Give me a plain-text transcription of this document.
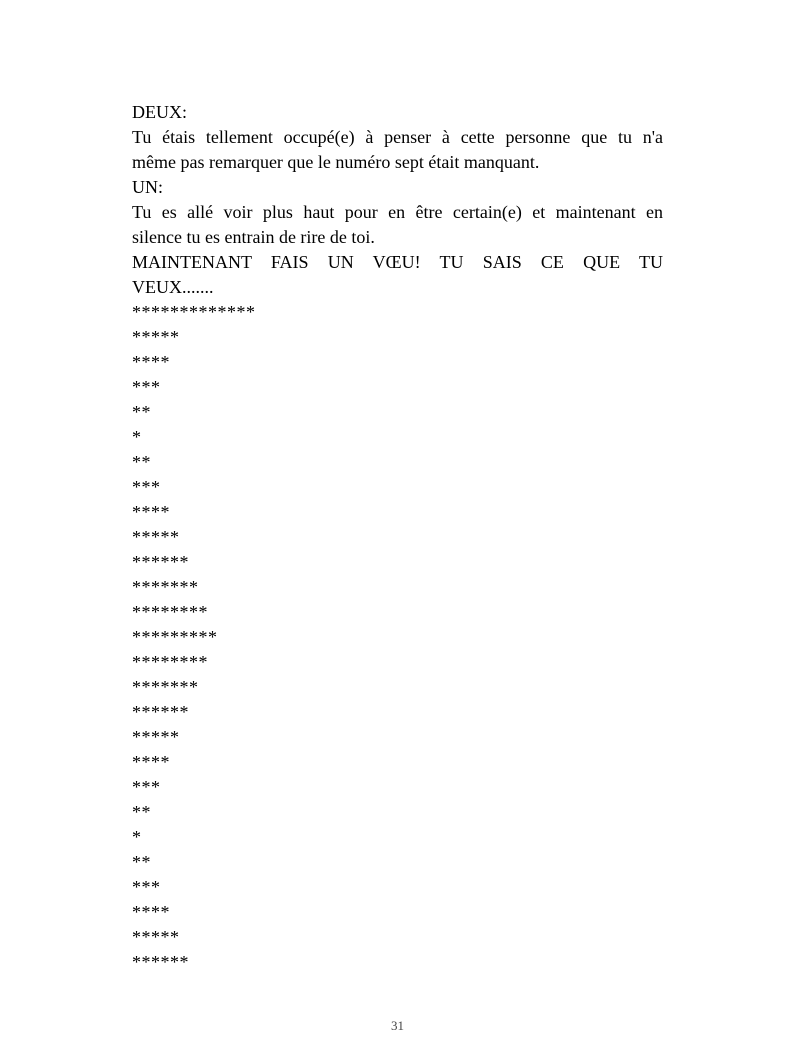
DEUX:
Tu étais tellement occupé(e) à penser à cette personne que tu n'a
même pas remarquer que le numéro sept était manquant.
UN:
Tu es allé voir plus haut pour en être certain(e) et maintenant en
silence tu es entrain de rire de toi.
MAINTENANT FAIS UN VŒU! TU SAIS CE QUE TU
VEUX.......
*************
*****
****
***
**
*
**
***
****
*****
******
*******
********
*********
********
*******
******
*****
****
***
**
*
**
***
****
*****
******
31
